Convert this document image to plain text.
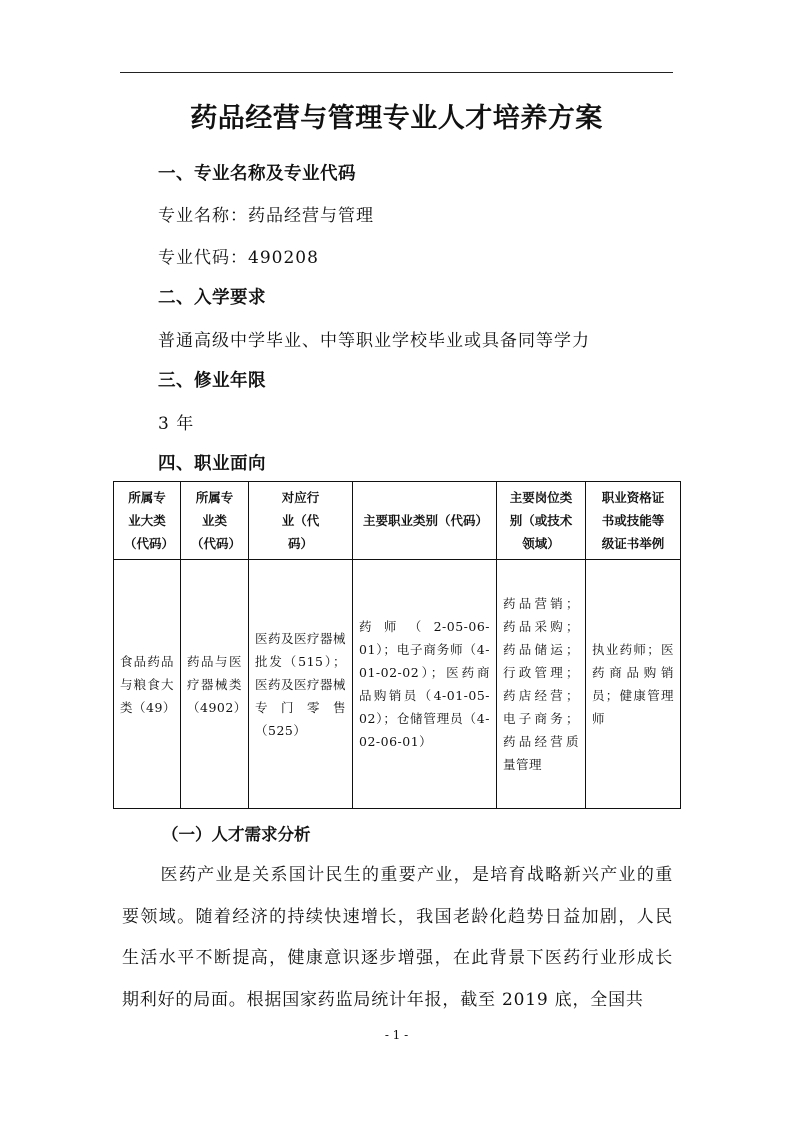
药品经营与管理专业人才培养方案
一、专业名称及专业代码
专业名称：药品经营与管理
专业代码：490208
二、入学要求
普通高级中学毕业、中等职业学校毕业或具备同等学力
三、修业年限
3 年
四、职业面向
所属专业大类（代码）	所属专业类（代码）	对应行业（代码）	主要职业类别（代码）	主要岗位类别（或技术领域）	职业资格证书或技能等级证书举例
食品药品与粮食大类（49）	药品与医疗器械类（4902）	医药及医疗器械批发（515）；医药及医疗器械专门零售（525）	药师（2-05-06-01）；电子商务师（4-01-02-02）；医药商品购销员（4-01-05-02）；仓储管理员（4-02-06-01）	药品营销；药品采购；药品储运；行政管理；药店经营；电子商务；药品经营质量管理	执业药师；医药商品购销员；健康管理师
（一）人才需求分析

医药产业是关系国计民生的重要产业，是培育战略新兴产业的重要领域。随着经济的持续快速增长，我国老龄化趋势日益加剧，人民生活水平不断提高，健康意识逐步增强，在此背景下医药行业形成长期利好的局面。根据国家药监局统计年报，截至 2019 底，全国共

- 1 -
